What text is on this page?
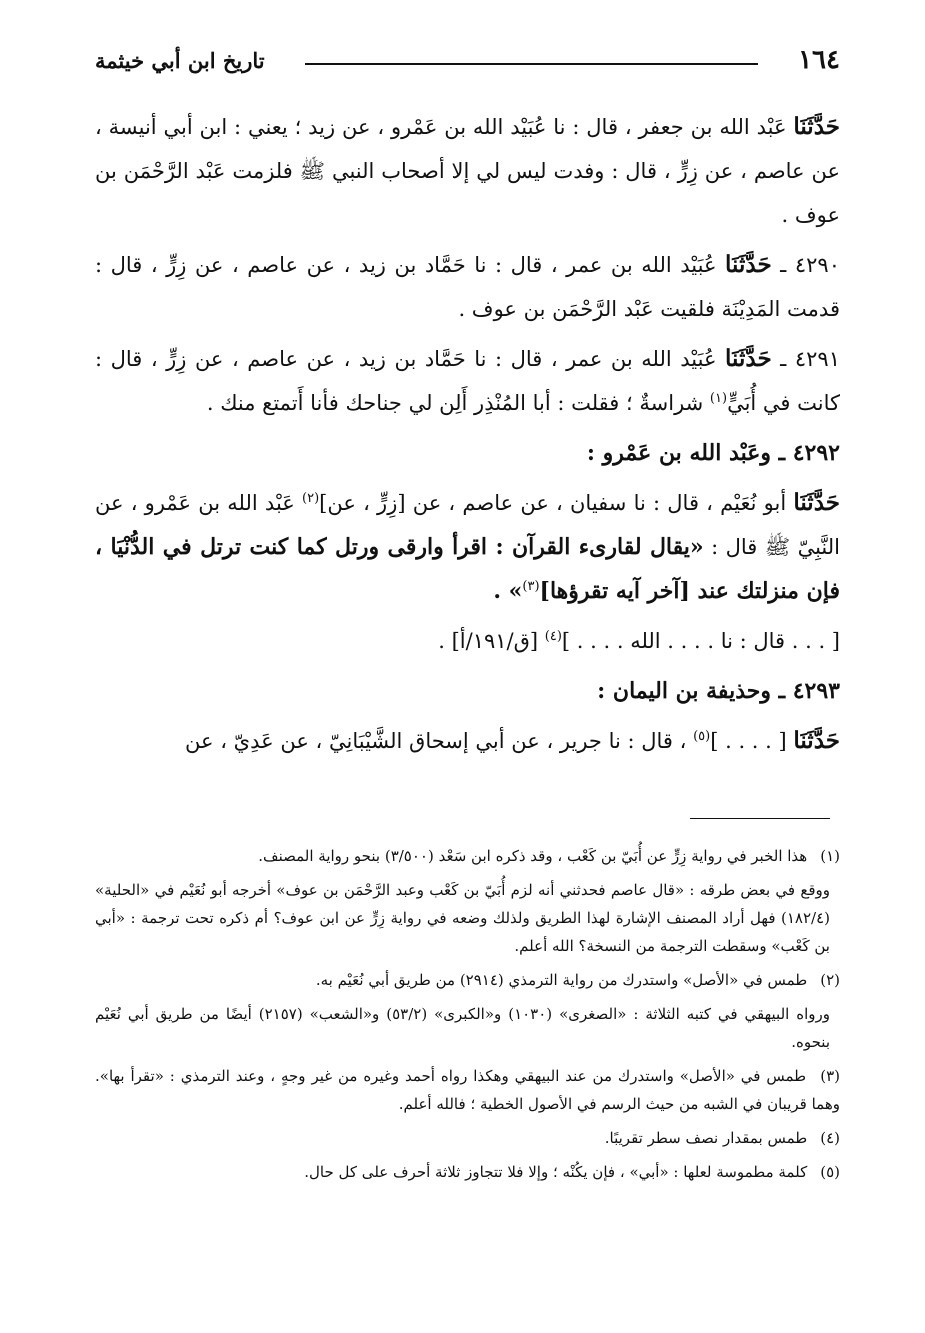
١٦٤
تاريخ ابن أبي خيثمة

حَدَّثَنَا عَبْد الله بن جعفر ، قال : نا عُبَيْد الله بن عَمْرو ، عن زيد ؛ يعني : ابن أبي أنيسة ، عن عاصم ، عن زِرٍّ ، قال : وفدت ليس لي إلا أصحاب النبي ﷺ فلزمت عَبْد الرَّحْمَن بن عوف .

٤٢٩٠ ـ حَدَّثَنَا عُبَيْد الله بن عمر ، قال : نا حَمَّاد بن زيد ، عن عاصم ، عن زِرٍّ ، قال : قدمت المَدِيْنَة فلقيت عَبْد الرَّحْمَن بن عوف .

٤٢٩١ ـ حَدَّثَنَا عُبَيْد الله بن عمر ، قال : نا حَمَّاد بن زيد ، عن عاصم ، عن زِرٍّ ، قال : كانت في أُبَيٍّ$^{(١)}$ شراسةٌ ؛ فقلت : أبا المُنْذِر أَلِن لي جناحك فأنا أَتمتع منك .

٤٢٩٢ ـ وعَبْد الله بن عَمْرو :

حَدَّثَنَا أبو نُعَيْم ، قال : نا سفيان ، عن عاصم ، عن [زِرٍّ ، عن]$^{(٢)}$ عَبْد الله بن عَمْرو ، عن النَّبِيّ ﷺ قال : «يقال لقارىء القرآن : اقرأ وارقى ورتل كما كنت ترتل في الدُّنْيَا ، فإن منزلتك عند [آخر آيه تقرؤها]$^{(٣)}$» .

[ . . . قال : نا . . . . الله . . . . ]$^{(٤)}$ [ق/١٩١/أ] .

٤٢٩٣ ـ وحذيفة بن اليمان :

حَدَّثَنَا [ . . . . ]$^{(٥)}$ ، قال : نا جرير ، عن أبي إسحاق الشَّيْبَانِيّ ، عن عَدِيّ ، عن

(١) هذا الخبر في رواية زِرٍّ عن أُبَيّ بن كَعْب ، وقد ذكره ابن سَعْد (٣/٥٠٠) بنحو رواية المصنف.

ووقع في بعض طرقه : «قال عاصم فحدثني أنه لزم أُبَيّ بن كَعْب وعبد الرَّحْمَن بن عوف» أخرجه أبو نُعَيْم في «الحلية» (١٨٢/٤) فهل أراد المصنف الإشارة لهذا الطريق ولذلك وضعه في رواية زِرٍّ عن ابن عوف؟ أم ذكره تحت ترجمة : «أبي بن كَعْب» وسقطت الترجمة من النسخة؟ الله أعلم.

(٢) طمس في «الأصل» واستدرك من رواية الترمذي (٢٩١٤) من طريق أبي نُعَيْم به.

ورواه البيهقي في كتبه الثلاثة : «الصغرى» (١٠٣٠) و«الكبرى» (٥٣/٢) و«الشعب» (٢١٥٧) أيضًا من طريق أبي نُعَيْم بنحوه.

(٣) طمس في «الأصل» واستدرك من عند البيهقي وهكذا رواه أحمد وغيره من غير وجهٍ ، وعند الترمذي : «تقرأ بها». وهما قريبان في الشبه من حيث الرسم في الأصول الخطية ؛ فالله أعلم.

(٤) طمس بمقدار نصف سطر تقريبًا.

(٥) كلمة مطموسة لعلها : «أبي» ، فإن يكُنْه ؛ وإلا فلا تتجاوز ثلاثة أحرف على كل حال.
